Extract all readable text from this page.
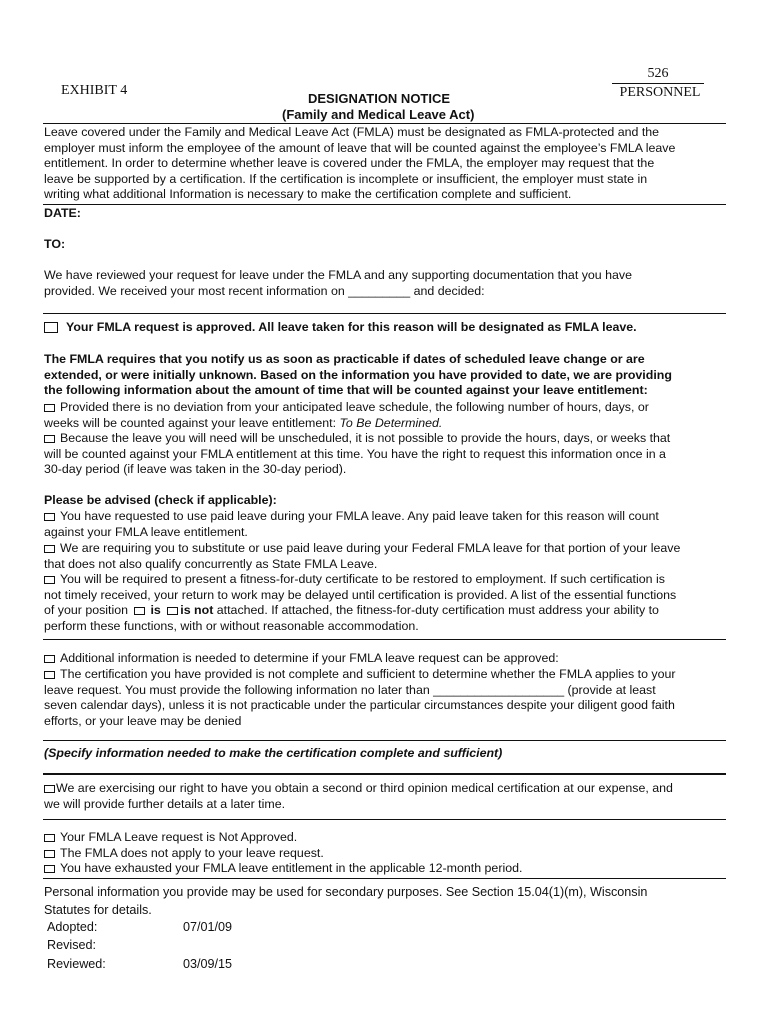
EXHIBIT 4
526
PERSONNEL
DESIGNATION NOTICE
(Family and Medical Leave Act)
Leave covered under the Family and Medical Leave Act (FMLA) must be designated as FMLA-protected and the
employer must inform the employee of the amount of leave that will be counted against the employee’s FMLA leave
entitlement. In order to determine whether leave is covered under the FMLA, the employer may request that the
leave be supported by a certification. If the certification is incomplete or insufficient, the employer must state in
writing what additional Information is necessary to make the certification complete and sufficient.
DATE:
TO:
We have reviewed your request for leave under the FMLA and any supporting documentation that you have
provided. We received your most recent information on _________ and decided:
Your FMLA request is approved. All leave taken for this reason will be designated as FMLA leave.
The FMLA requires that you notify us as soon as practicable if dates of scheduled leave change or are
extended, or were initially unknown. Based on the information you have provided to date, we are providing
the following information about the amount of time that will be counted against your leave entitlement:
Provided there is no deviation from your anticipated leave schedule, the following number of hours, days, or
weeks will be counted against your leave entitlement: To Be Determined.
Because the leave you will need will be unscheduled, it is not possible to provide the hours, days, or weeks that
will be counted against your FMLA entitlement at this time. You have the right to request this information once in a
30-day period (if leave was taken in the 30-day period).
Please be advised (check if applicable):
You have requested to use paid leave during your FMLA leave. Any paid leave taken for this reason will count
against your FMLA leave entitlement.
We are requiring you to substitute or use paid leave during your Federal FMLA leave for that portion of your leave
that does not also qualify concurrently as State FMLA Leave.
You will be required to present a fitness-for-duty certificate to be restored to employment. If such certification is
not timely received, your return to work may be delayed until certification is provided. A list of the essential functions
of your position is is not attached. If attached, the fitness-for-duty certification must address your ability to
perform these functions, with or without reasonable accommodation.
Additional information is needed to determine if your FMLA leave request can be approved:
The certification you have provided is not complete and sufficient to determine whether the FMLA applies to your
leave request. You must provide the following information no later than ___________________ (provide at least
seven calendar days), unless it is not practicable under the particular circumstances despite your diligent good faith
efforts, or your leave may be denied
(Specify information needed to make the certification complete and sufficient)
We are exercising our right to have you obtain a second or third opinion medical certification at our expense, and
we will provide further details at a later time.
Your FMLA Leave request is Not Approved.
The FMLA does not apply to your leave request.
You have exhausted your FMLA leave entitlement in the applicable 12-month period.
Personal information you provide may be used for secondary purposes. See Section 15.04(1)(m), Wisconsin
Statutes for details.
Adopted:	07/01/09
Revised:
Reviewed:	03/09/15
